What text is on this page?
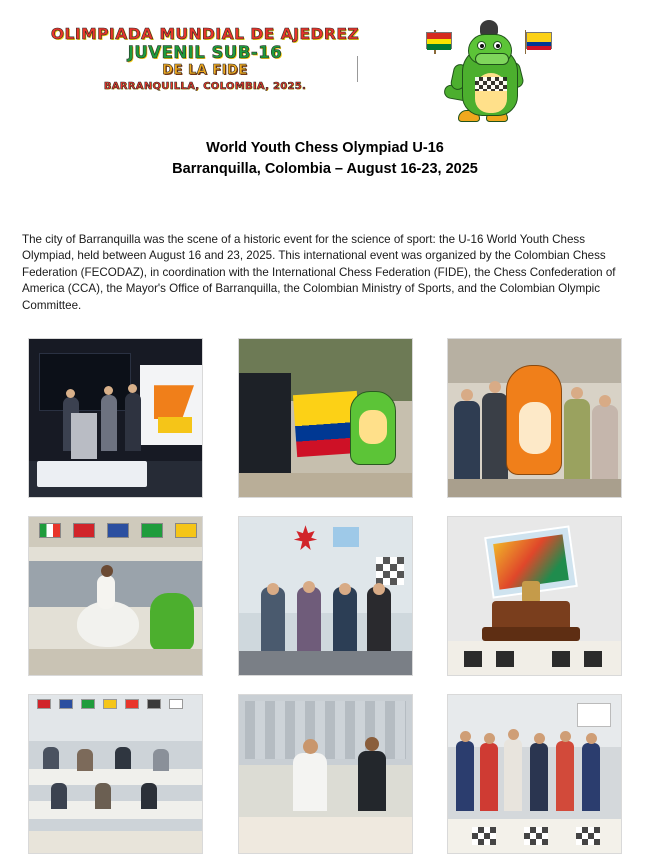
OLIMPIADA MUNDIAL DE AJEDREZ
JUVENIL SUB-16
DE LA FIDE
BARRANQUILLA, COLOMBIA, 2025.
World Youth Chess Olympiad U-16
Barranquilla, Colombia – August 16-23, 2025

The city of Barranquilla was the scene of a historic event for the science of sport: the U-16 World Youth Chess Olympiad, held between August 16 and 23, 2025. This international event was organized by the Colombian Chess Federation (FECODAZ), in coordination with the International Chess Federation (FIDE), the Chess Confederation of America (CCA), the Mayor's Office of Barranquilla, the Colombian Ministry of Sports, and the Colombian Olympic Committee.
